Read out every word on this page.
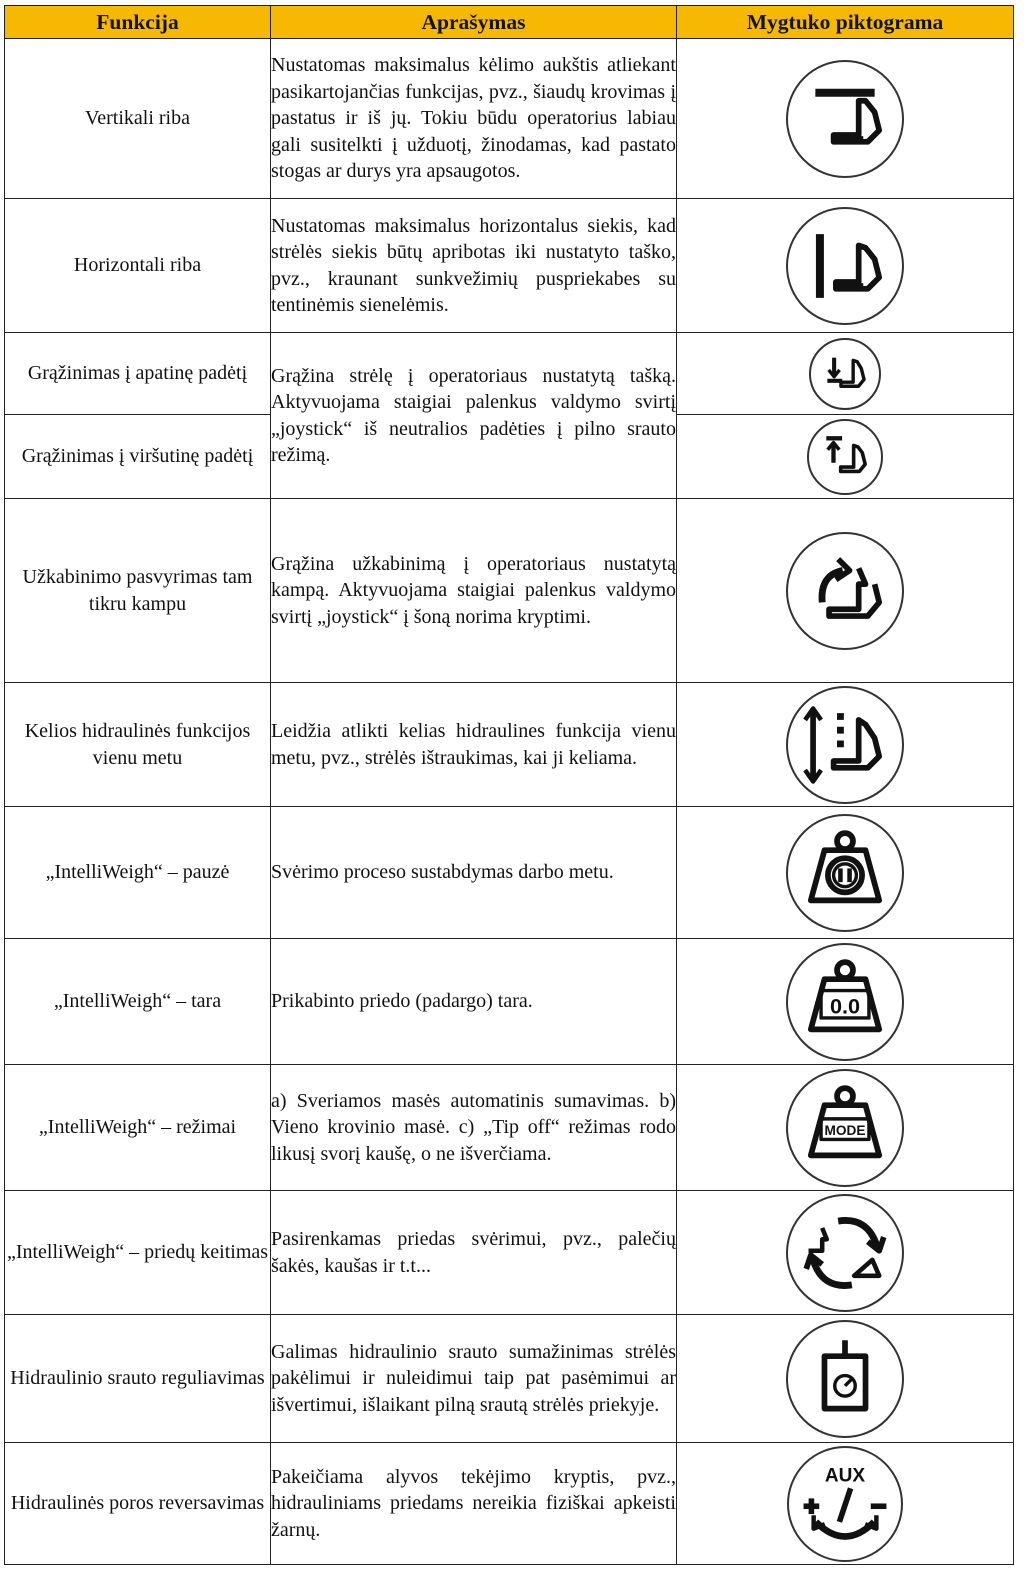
Funkcija	Aprašymas	Mygtuko piktograma
Vertikali riba	Nustatomas maksimalus kėlimo aukštis atliekant pasikartojančias funkcijas, pvz., šiaudų krovimas į pastatus ir iš jų. Tokiu būdu operatorius labiau gali susitelkti į užduotį, žinodamas, kad pastato stogas ar durys yra apsaugotos.	

Horizontali riba	Nustatomas maksimalus horizontalus siekis, kad strėlės siekis būtų apribotas iki nustatyto taško, pvz., kraunant sunkvežimių puspriekabes su tentinėmis sienelėmis.	

Grąžinimas į apatinę padėtį	Grąžina strėlę į operatoriaus nustatytą tašką. Aktyvuojama staigiai palenkus valdymo svirtį „joystick“ iš neutralios padėties į pilno srauto režimą.	

Grąžinimas į viršutinę padėtį	

Užkabinimo pasvyrimas tam tikru kampu	Grąžina užkabinimą į operatoriaus nustatytą kampą. Aktyvuojama staigiai palenkus valdymo svirtį „joystick“ į šoną norima kryptimi.	

Kelios hidraulinės funkcijos vienu metu	Leidžia atlikti kelias hidraulines funkcija vienu metu, pvz., strėlės ištraukimas, kai ji keliama.	

„IntelliWeigh“ – pauzė	Svėrimo proceso sustabdymas darbo metu.	

„IntelliWeigh“ – tara	Prikabinto priedo (padargo) tara.	0.0

„IntelliWeigh“ – režimai	a) Sveriamos masės automatinis sumavimas. b) Vieno krovinio masė. c) „Tip off“ režimas rodo likusį svorį kaušę, o ne išverčiama.	MODE

„IntelliWeigh“ – priedų keitimas	Pasirenkamas priedas svėrimui, pvz., palečių šakės, kaušas ir t.t...	

Hidraulinio srauto reguliavimas	Galimas hidraulinio srauto sumažinimas strėlės pakėlimui ir nuleidimui taip pat pasėmimui ar išvertimui, išlaikant pilną srautą strėlės priekyje.	

Hidraulinės poros reversavimas	Pakeičiama alyvos tekėjimo kryptis, pvz., hidrauliniams priedams nereikia fiziškai apkeisti žarnų.	AUX
